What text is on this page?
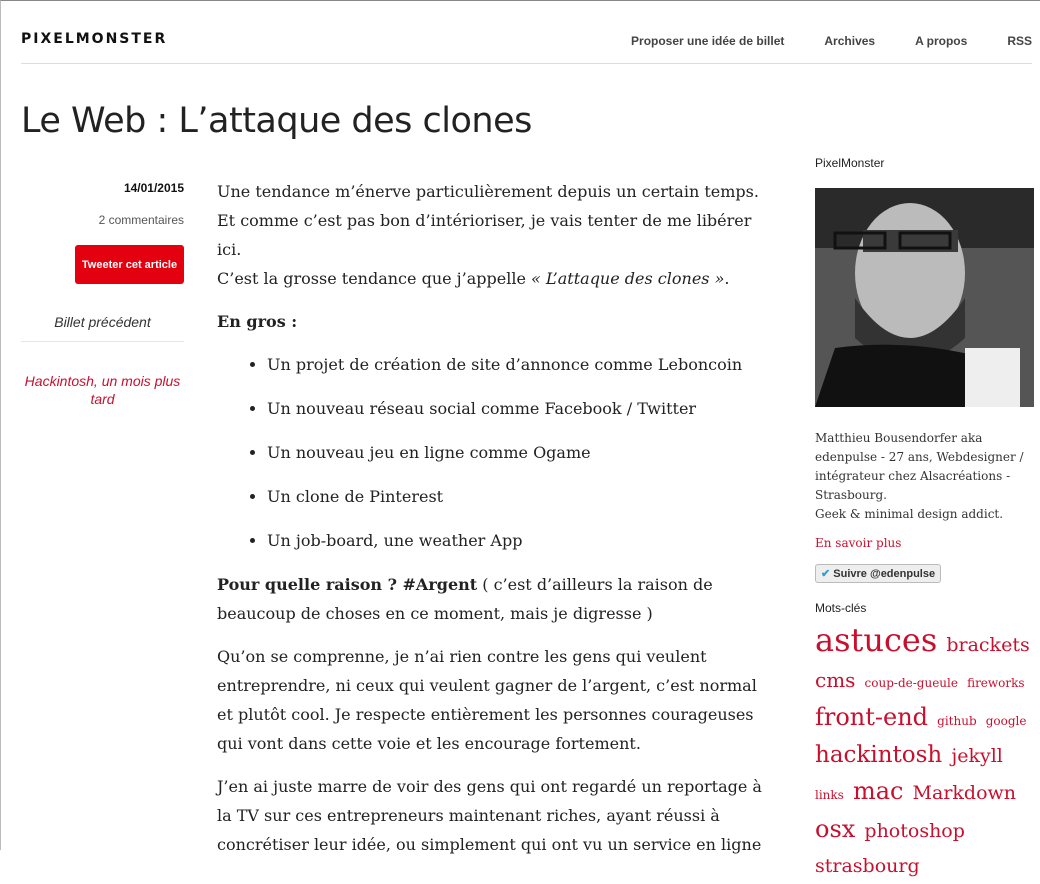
PIXELMONSTER	Proposer une idée de billet	Archives	A propos	RSS
Le Web : L’attaque des clones
14/01/2015
2 commentaires
Tweeter cet article
Billet précédent
Hackintosh, un mois plus tard

Une tendance m’énerve particulièrement depuis un certain temps. Et comme c’est pas bon d’intérioriser, je vais tenter de me libérer ici.
C’est la grosse tendance que j’appelle « L’attaque des clones ».

En gros :

• Un projet de création de site d’annonce comme Leboncoin
• Un nouveau réseau social comme Facebook / Twitter
• Un nouveau jeu en ligne comme Ogame
• Un clone de Pinterest
• Un job-board, une weather App

Pour quelle raison ? #Argent ( c’est d’ailleurs la raison de beaucoup de choses en ce moment, mais je digresse )

Qu’on se comprenne, je n’ai rien contre les gens qui veulent entreprendre, ni ceux qui veulent gagner de l’argent, c’est normal et plutôt cool. Je respecte entièrement les personnes courageuses qui vont dans cette voie et les encourage fortement.

J’en ai juste marre de voir des gens qui ont regardé un reportage à la TV sur ces entrepreneurs maintenant riches, ayant réussi à concrétiser leur idée, ou simplement qui ont vu un service en ligne

PixelMonster
Matthieu Bousendorfer aka edenpulse - 27 ans, Webdesigner / intégrateur chez Alsacréations - Strasbourg.
Geek & minimal design addict.
En savoir plus
✔ Suivre @edenpulse
Mots-clés
astuces brackets cms coup-de-gueule fireworks front-end github google hackintosh jekyll links mac Markdown osx photoshop strasbourg
